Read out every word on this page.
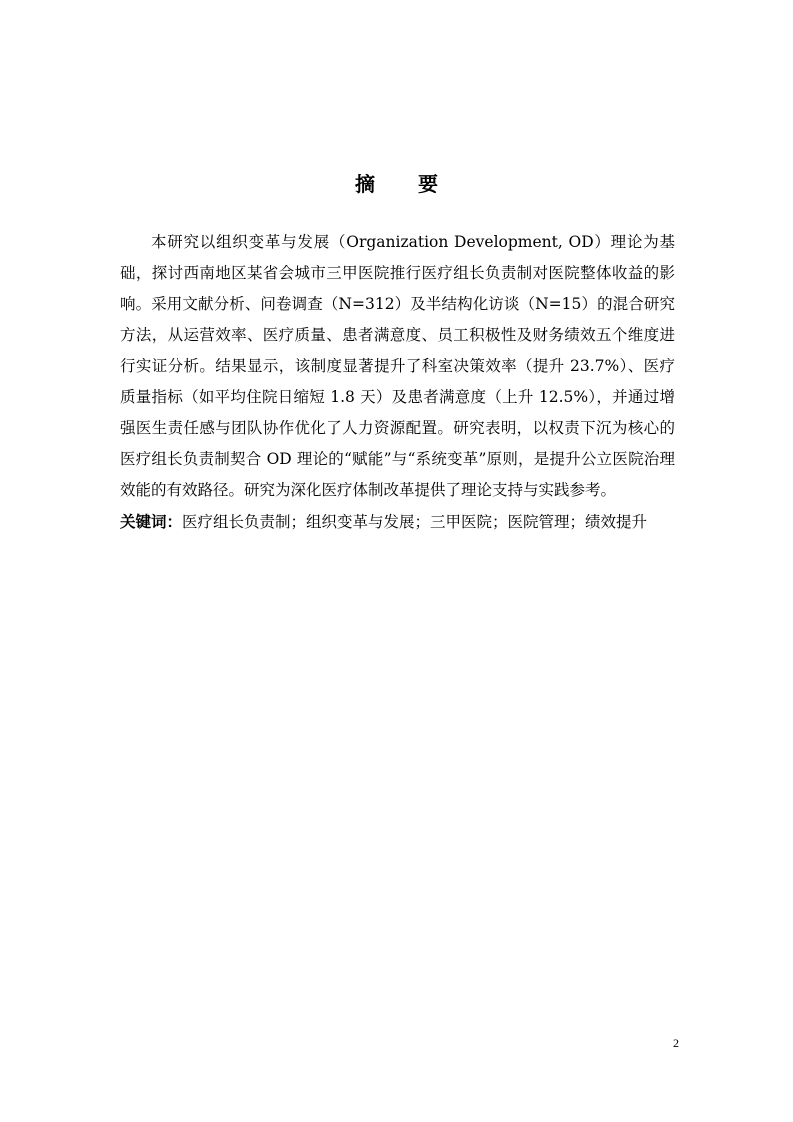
摘 要

本研究以组织变革与发展（Organization Development, OD）理论为基础，探讨西南地区某省会城市三甲医院推行医疗组长负责制对医院整体收益的影响。采用文献分析、问卷调查（N=312）及半结构化访谈（N=15）的混合研究方法，从运营效率、医疗质量、患者满意度、员工积极性及财务绩效五个维度进行实证分析。结果显示，该制度显著提升了科室决策效率（提升 23.7%）、医疗质量指标（如平均住院日缩短 1.8 天）及患者满意度（上升 12.5%），并通过增强医生责任感与团队协作优化了人力资源配置。研究表明，以权责下沉为核心的医疗组长负责制契合 OD 理论的“赋能”与“系统变革”原则，是提升公立医院治理效能的有效路径。研究为深化医疗体制改革提供了理论支持与实践参考。

关键词：医疗组长负责制；组织变革与发展；三甲医院；医院管理；绩效提升
2
